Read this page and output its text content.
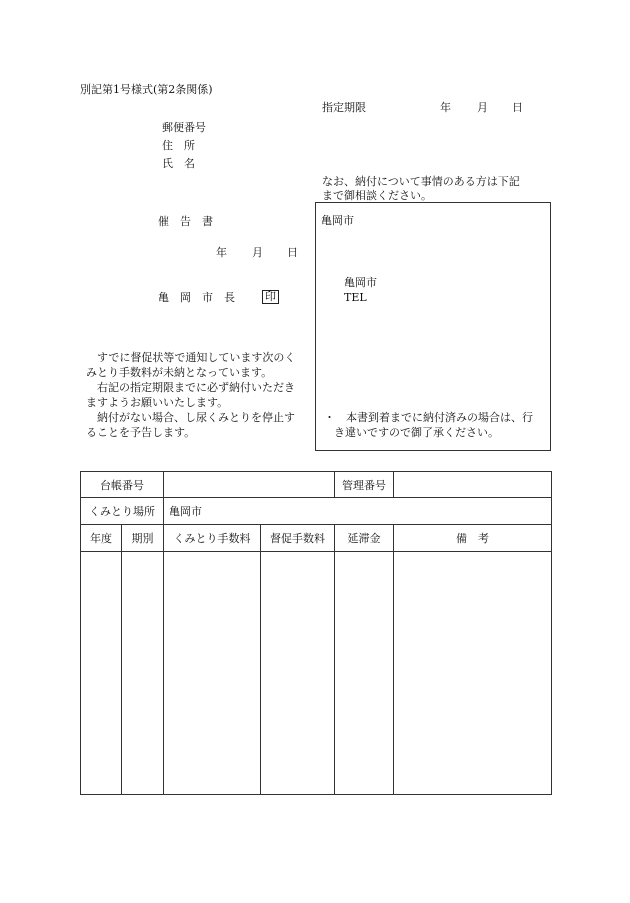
別記第1号様式(第2条関係)
指定期限	年 月 日
郵便番号
住　所
氏　名
なお、納付について事情のある方は下記
まで御相談ください。
催　告　書
年 月 日
亀　岡　市　長	印
亀岡市
亀岡市
TEL
・　本書到着までに納付済みの場合は、行
き違いですので御了承ください。
　すでに督促状等で通知しています次のく
みとり手数料が未納となっています。
　右記の指定期限までに必ず納付いただき
ますようお願いいたします。
　納付がない場合、し尿くみとりを停止す
ることを予告します。
台帳番号				管理番号	
くみとり場所		亀岡市			
年度	期別	くみとり手数料	督促手数料	延滞金	備　考
